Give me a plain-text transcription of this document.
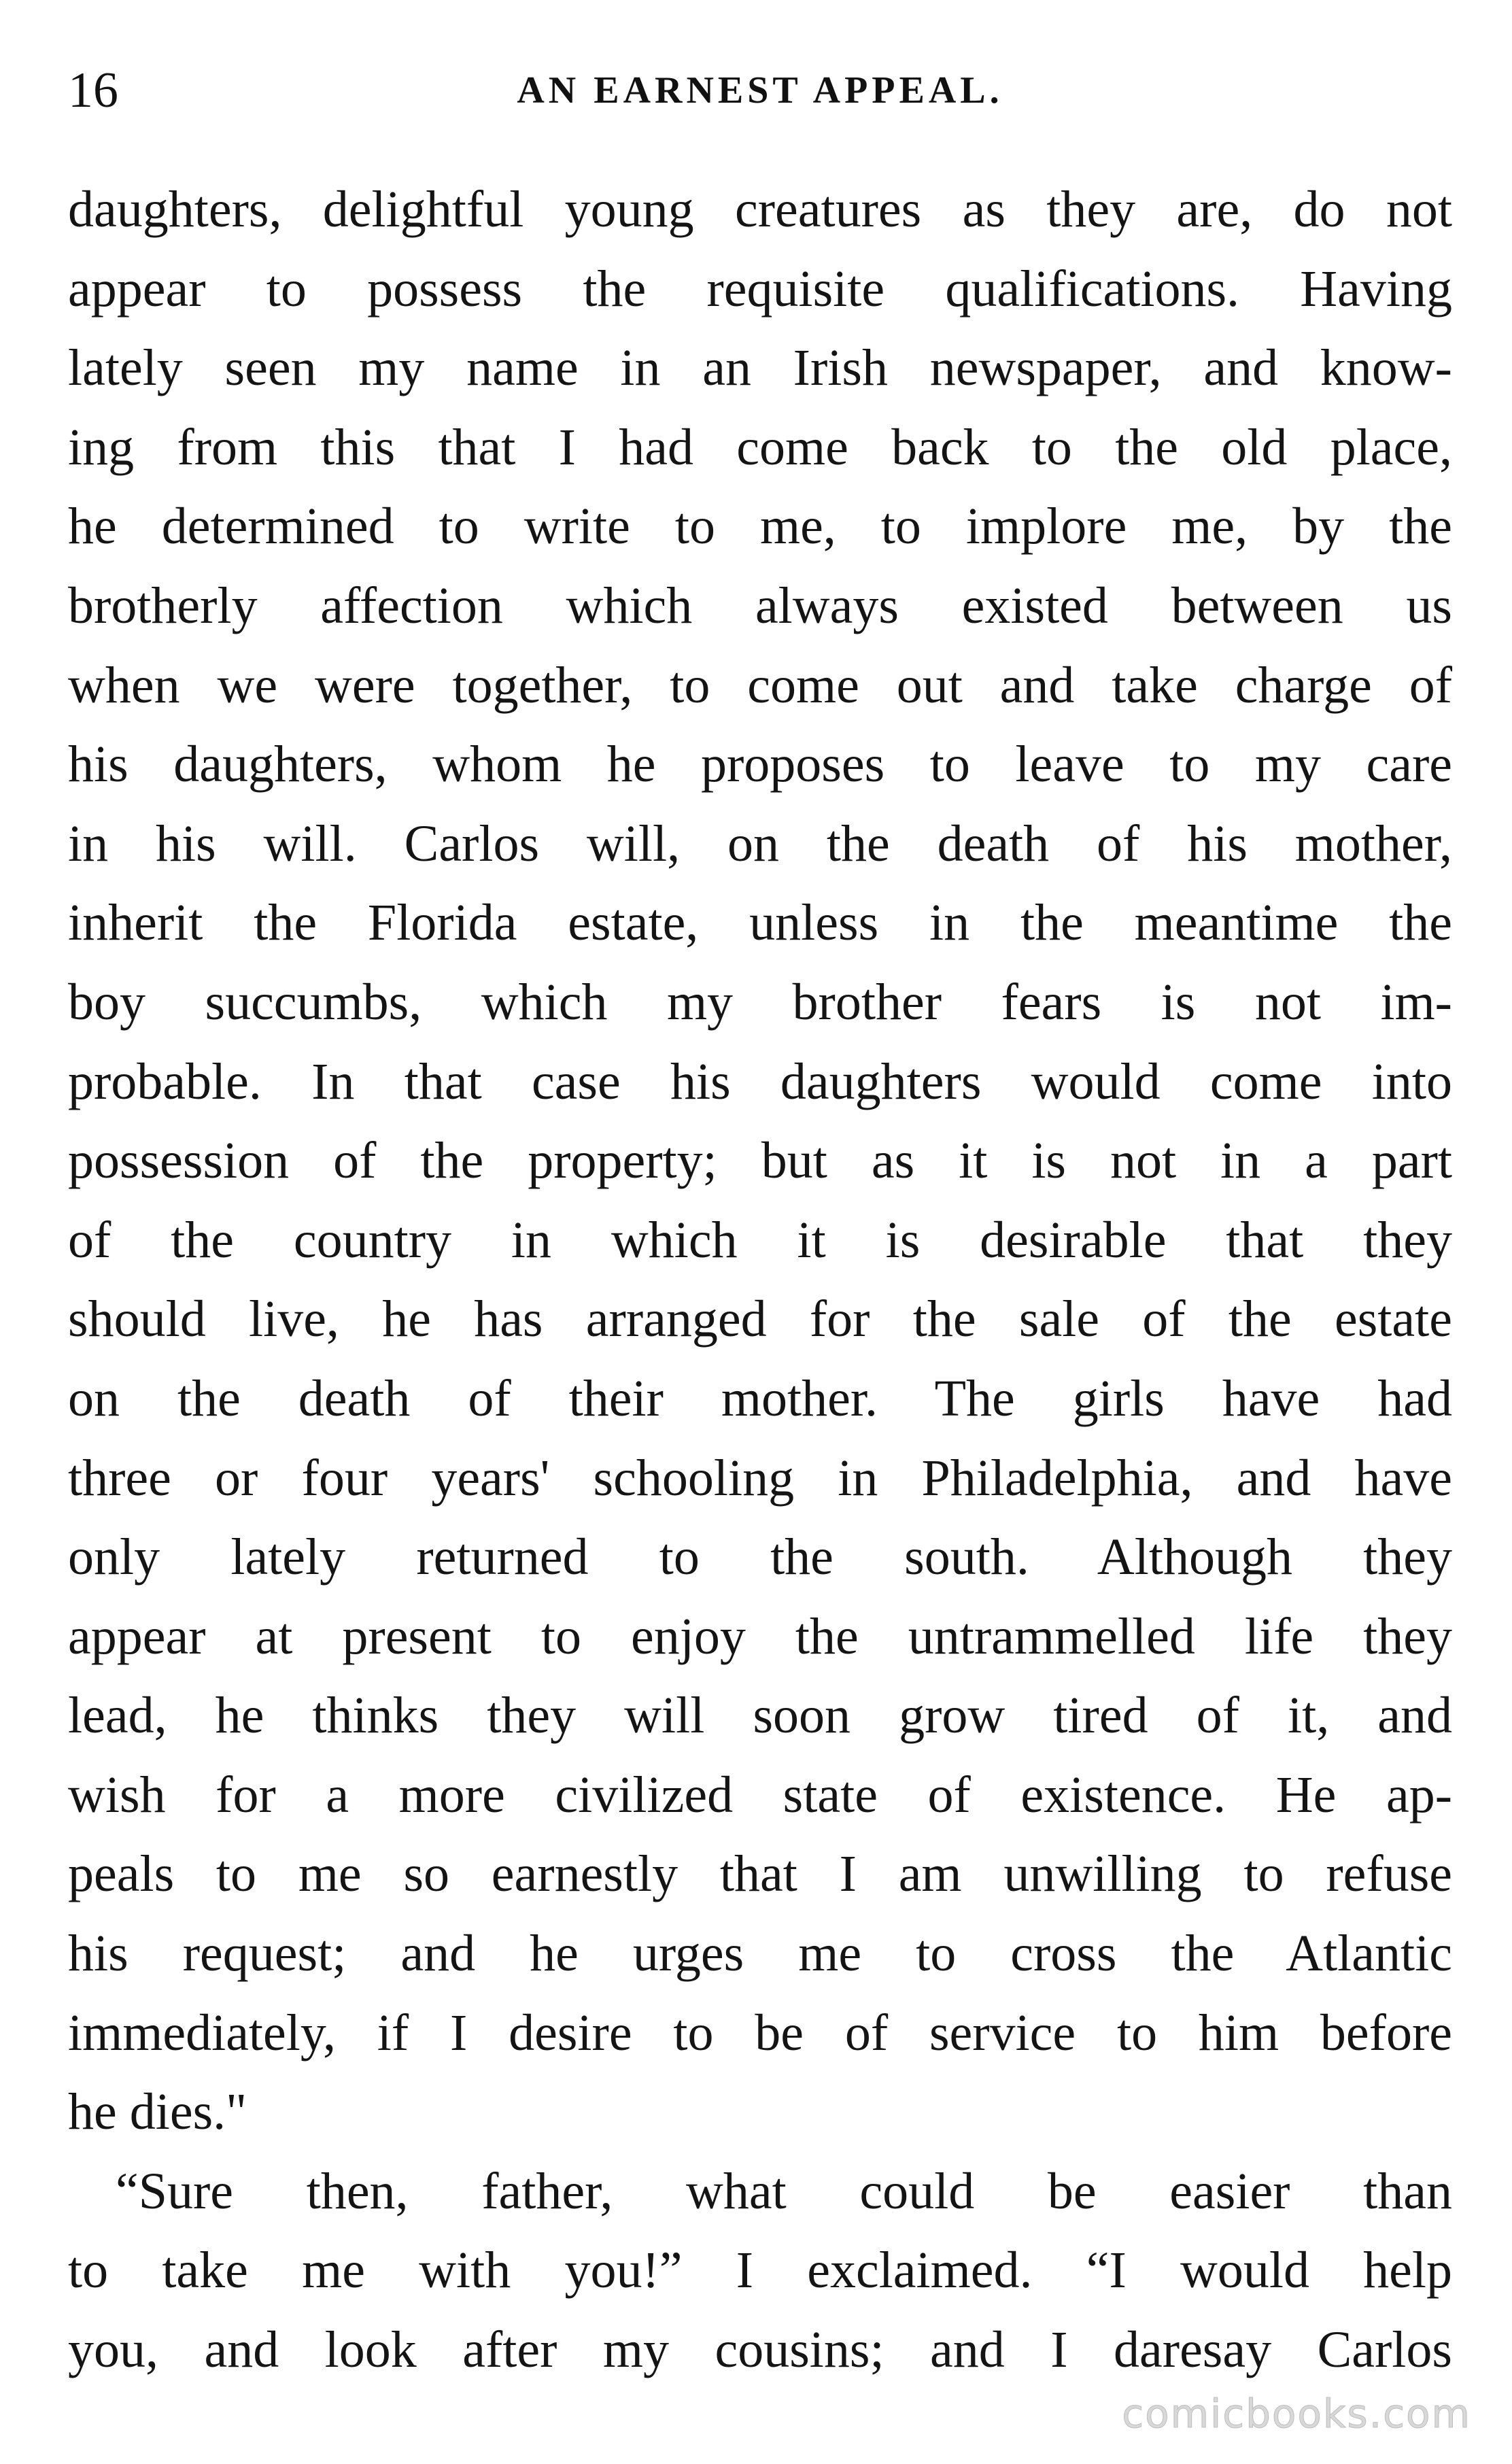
16	AN EARNEST APPEAL.
daughters, delightful young creatures as they are, do not
appear to possess the requisite qualifications. Having
lately seen my name in an Irish newspaper, and know-
ing from this that I had come back to the old place,
he determined to write to me, to implore me, by the
brotherly affection which always existed between us
when we were together, to come out and take charge of
his daughters, whom he proposes to leave to my care
in his will. Carlos will, on the death of his mother,
inherit the Florida estate, unless in the meantime the
boy succumbs, which my brother fears is not im-
probable. In that case his daughters would come into
possession of the property; but as it is not in a part
of the country in which it is desirable that they
should live, he has arranged for the sale of the estate
on the death of their mother. The girls have had
three or four years' schooling in Philadelphia, and have
only lately returned to the south. Although they
appear at present to enjoy the untrammelled life they
lead, he thinks they will soon grow tired of it, and
wish for a more civilized state of existence. He ap-
peals to me so earnestly that I am unwilling to refuse
his request; and he urges me to cross the Atlantic
immediately, if I desire to be of service to him before
he dies."
“Sure then, father, what could be easier than
to take me with you!” I exclaimed. “I would help
you, and look after my cousins; and I daresay Carlos
comicbooks.com
